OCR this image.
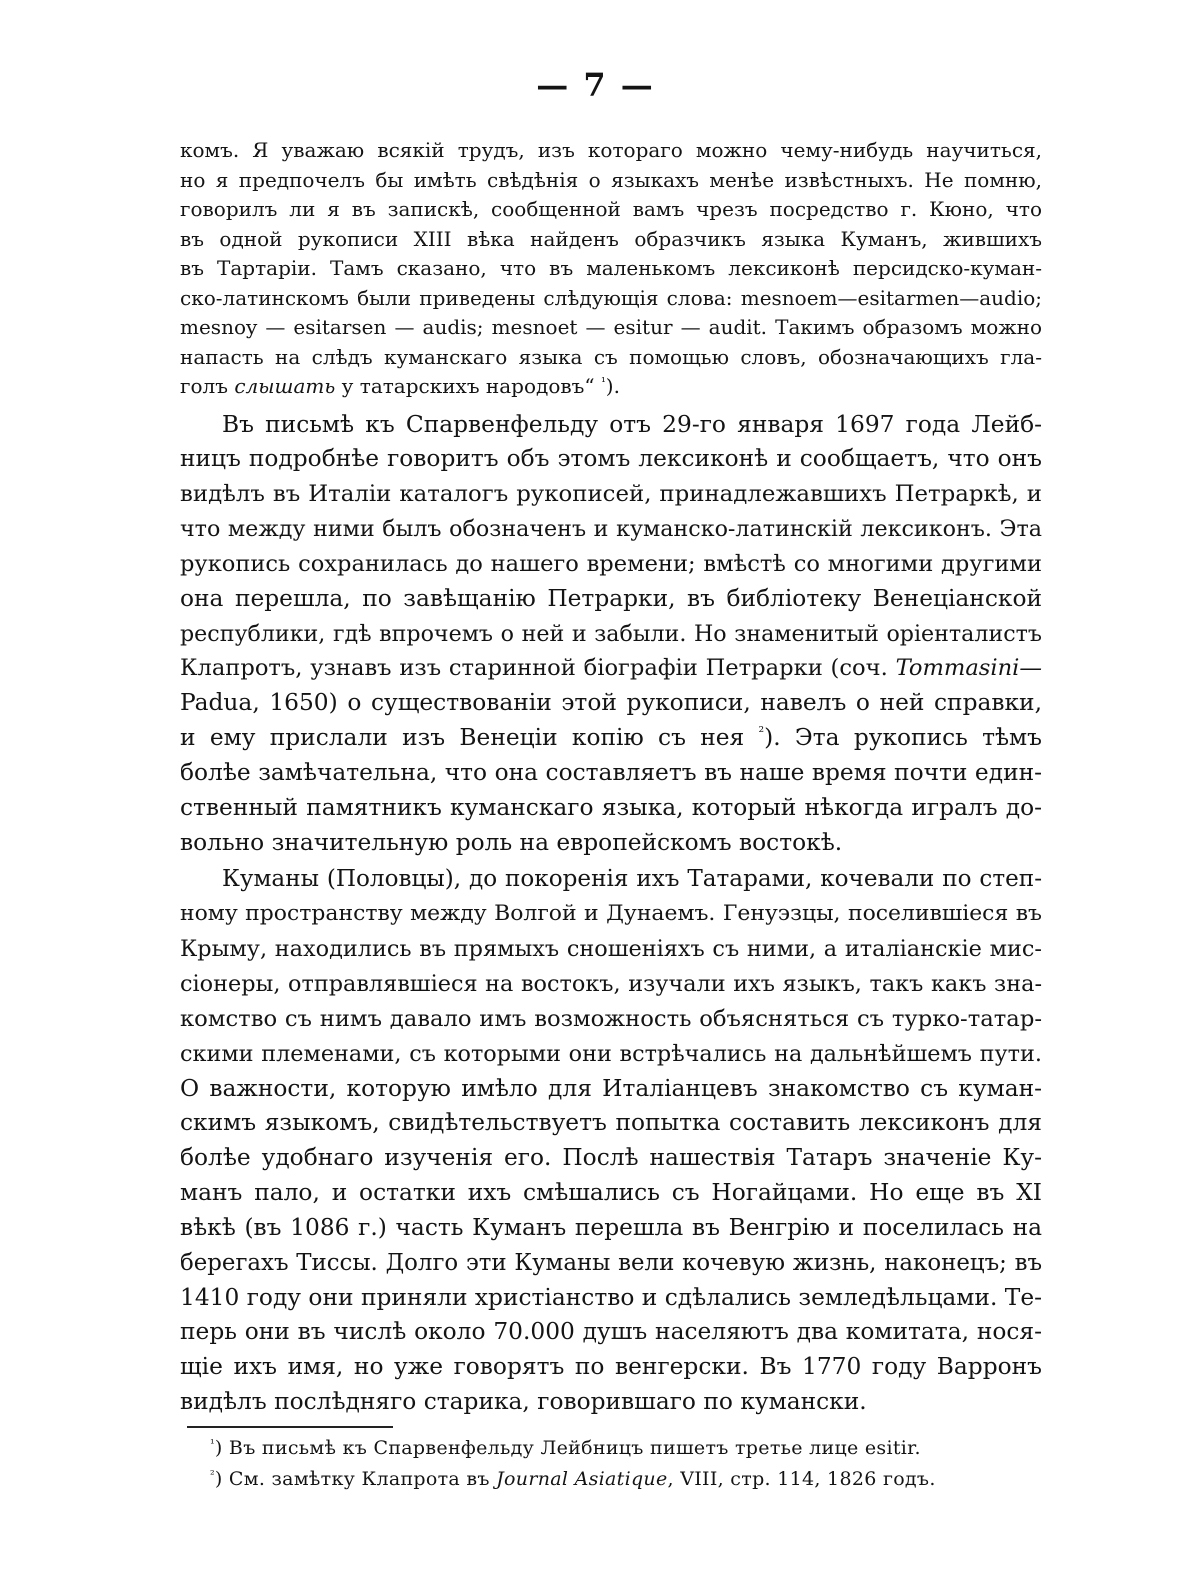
— 7 —
комъ. Я уважаю всякій трудъ, изъ котораго можно чему-нибудь научиться,
но я предпочелъ бы имѣть свѣдѣнія о языкахъ менѣе извѣстныхъ. Не помню,
говорилъ ли я въ запискѣ, сообщенной вамъ чрезъ посредство г. Кюно, что
въ одной рукописи XIII вѣка найденъ образчикъ языка Куманъ, жившихъ
въ Тартаріи. Тамъ сказано, что въ маленькомъ лексиконѣ персидско-куман-
ско-латинскомъ были приведены слѣдующія слова: mesnoem—esitarmen—audio;
mesnoy — esitarsen — audis; mesnoet — esitur — audit. Такимъ образомъ можно
напасть на слѣдъ куманскаго языка съ помощью словъ, обозначающихъ гла-
голъ слышать у татарскихъ народовъ“ $^{^1}$).
Въ письмѣ къ Спарвенфельду отъ 29-го января 1697 года Лейб-
ницъ подробнѣе говоритъ объ этомъ лексиконѣ и сообщаетъ, что онъ
видѣлъ въ Италіи каталогъ рукописей, принадлежавшихъ Петраркѣ, и
что между ними былъ обозначенъ и куманско-латинскій лексиконъ. Эта
рукопись сохранилась до нашего времени; вмѣстѣ со многими другими
она перешла, по завѣщанію Петрарки, въ библіотеку Венеціанской
республики, гдѣ впрочемъ о ней и забыли. Но знаменитый оріенталистъ
Клапротъ, узнавъ изъ старинной біографіи Петрарки (соч. Tommasini—
Padua, 1650) о существованіи этой рукописи, навелъ о ней справки,
и ему прислали изъ Венеціи копію съ нея $^{^2}$). Эта рукопись тѣмъ
болѣе замѣчательна, что она составляетъ въ наше время почти един-
ственный памятникъ куманскаго языка, который нѣкогда игралъ до-
вольно значительную роль на европейскомъ востокѣ.
Куманы (Половцы), до покоренія ихъ Татарами, кочевали по степ-
ному пространству между Волгой и Дунаемъ. Генуэзцы, поселившіеся въ
Крыму, находились въ прямыхъ сношеніяхъ съ ними, а италіанскіе мис-
сіонеры, отправлявшіеся на востокъ, изучали ихъ языкъ, такъ какъ зна-
комство съ нимъ давало имъ возможность объясняться съ турко-татар-
скими племенами, съ которыми они встрѣчались на дальнѣйшемъ пути.
О важности, которую имѣло для Италіанцевъ знакомство съ куман-
скимъ языкомъ, свидѣтельствуетъ попытка составить лексиконъ для
болѣе удобнаго изученія его. Послѣ нашествія Татаръ значеніе Ку-
манъ пало, и остатки ихъ смѣшались съ Ногайцами. Но еще въ XI
вѣкѣ (въ 1086 г.) часть Куманъ перешла въ Венгрію и поселилась на
берегахъ Тиссы. Долго эти Куманы вели кочевую жизнь, наконецъ; въ
1410 году они приняли христіанство и сдѣлались земледѣльцами. Те-
перь они въ числѣ около 70.000 душъ населяютъ два комитата, нося-
щіе ихъ имя, но уже говорятъ по венгерски. Въ 1770 году Варронъ
видѣлъ послѣдняго старика, говорившаго по кумански.
$^{^1}$) Въ письмѣ къ Спарвенфельду Лейбницъ пишетъ третье лице esitir.
$^{^2}$) См. замѣтку Клапрота въ Journal Asiatique, VIII, стр. 114, 1826 годъ.
